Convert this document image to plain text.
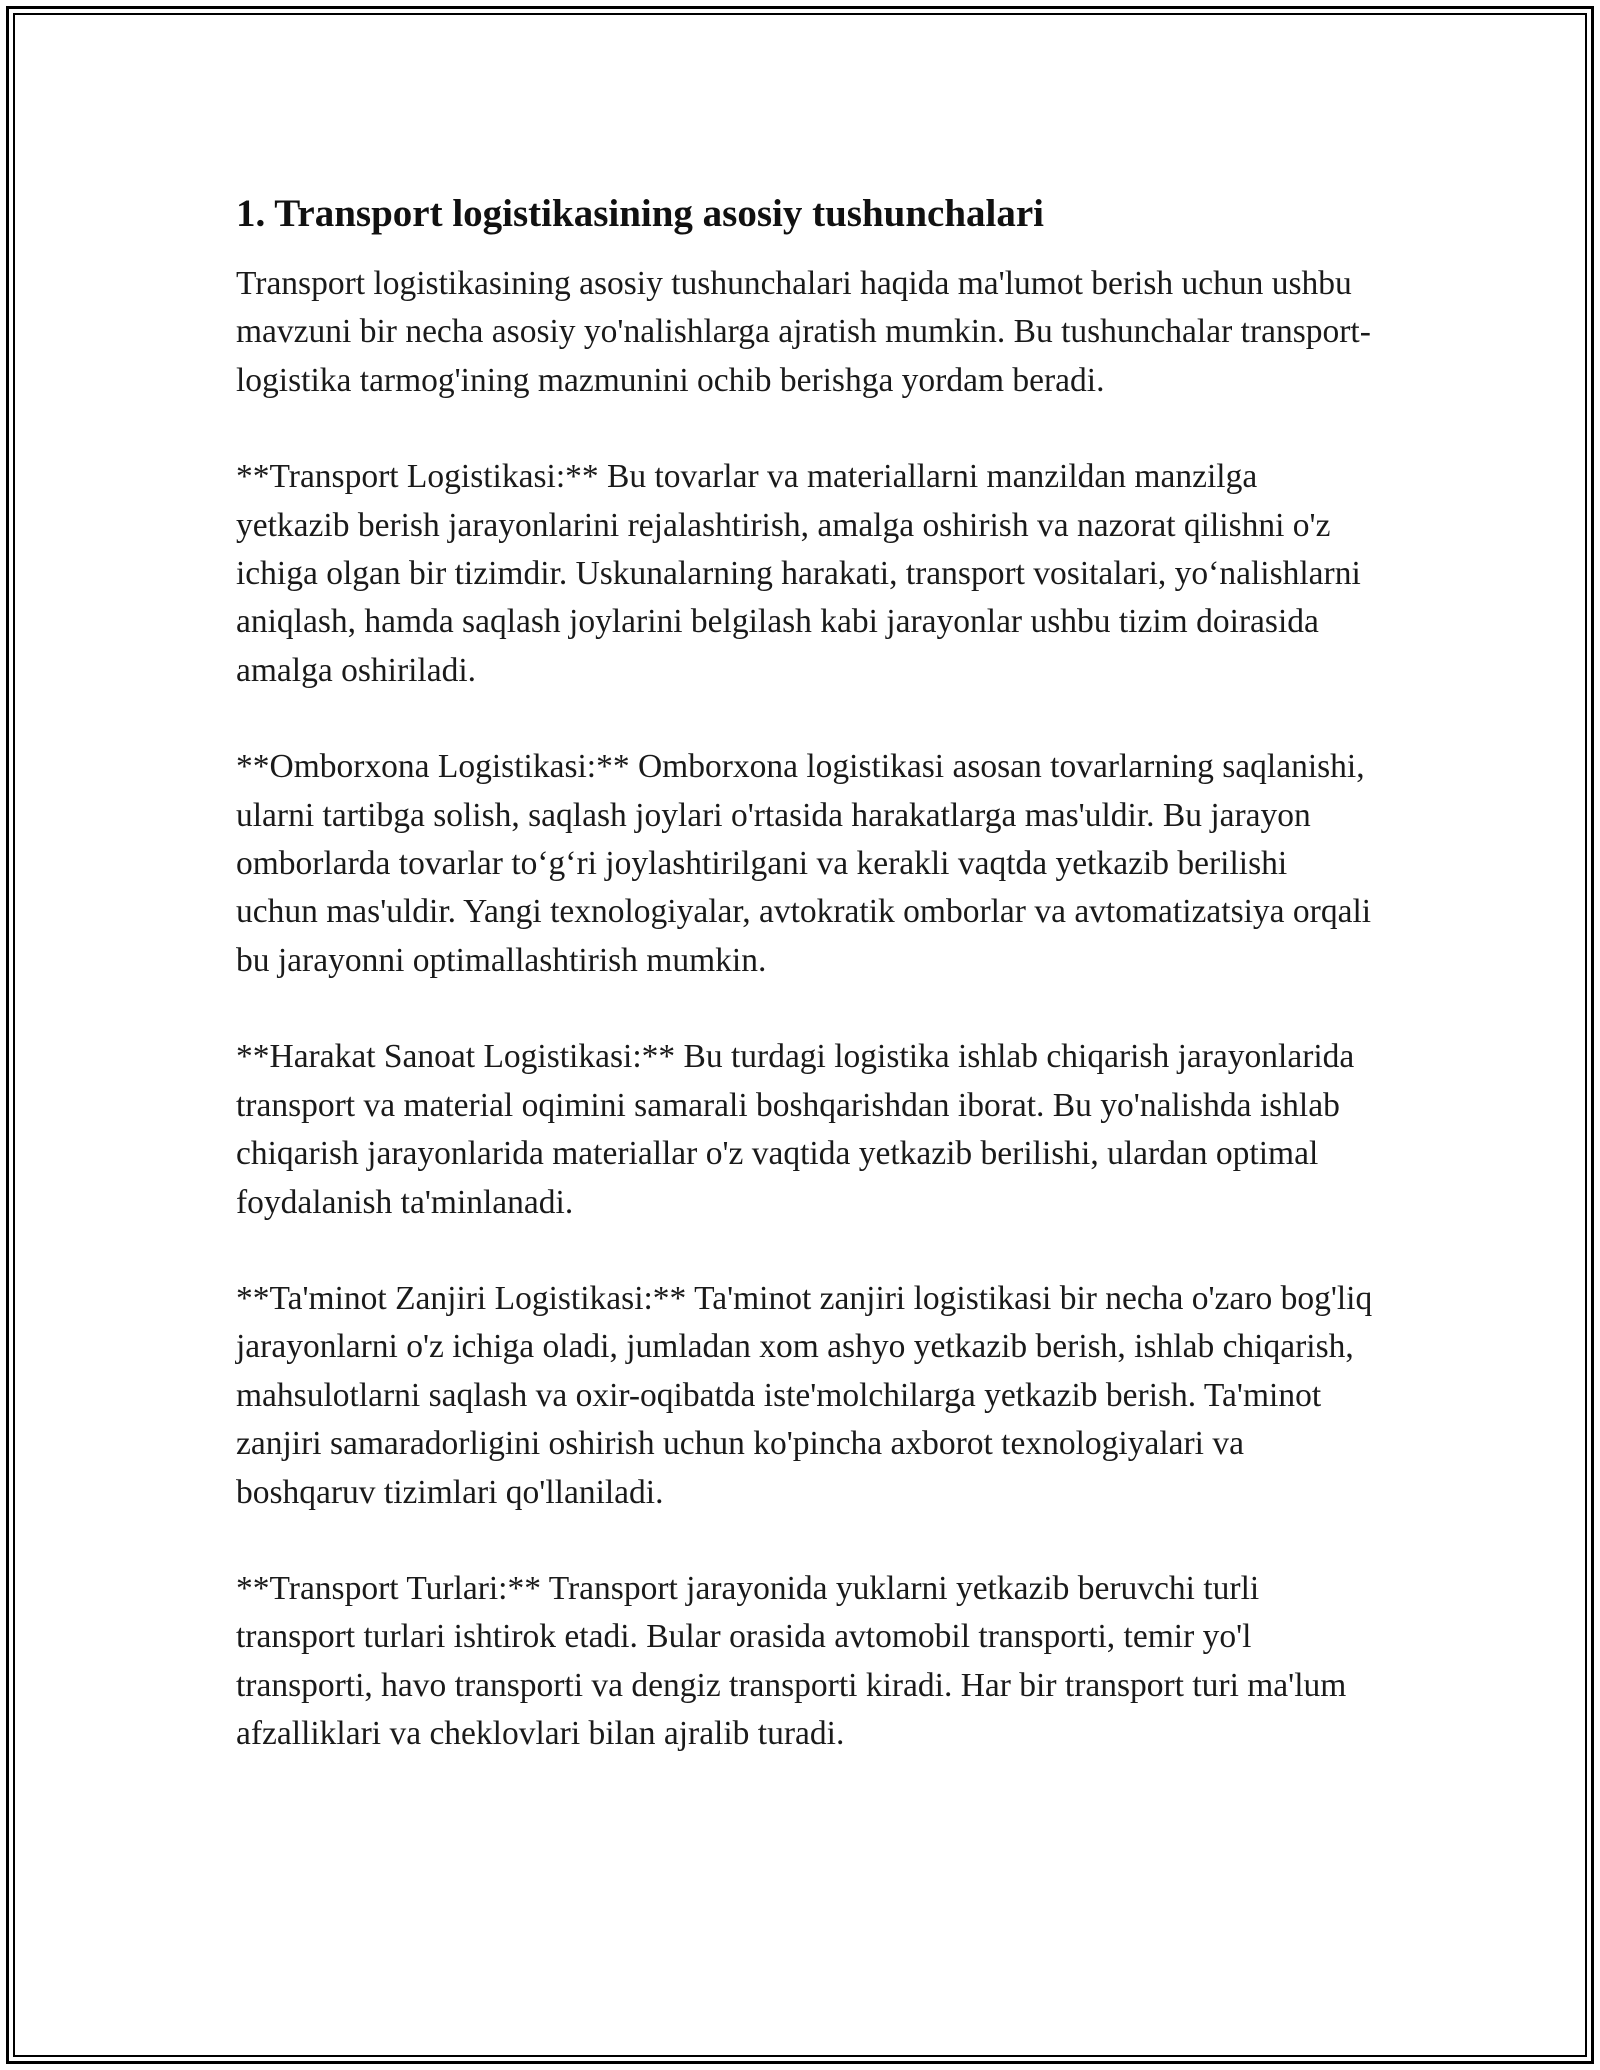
1. Transport logistikasining asosiy tushunchalari

Transport logistikasining asosiy tushunchalari haqida ma'lumot berish uchun ushbu mavzuni bir necha asosiy yo'nalishlarga ajratish mumkin. Bu tushunchalar transport-logistika tarmog'ining mazmunini ochib berishga yordam beradi.

**Transport Logistikasi:** Bu tovarlar va materiallarni manzildan manzilga yetkazib berish jarayonlarini rejalashtirish, amalga oshirish va nazorat qilishni o'z ichiga olgan bir tizimdir. Uskunalarning harakati, transport vositalari, yo‘nalishlarni aniqlash, hamda saqlash joylarini belgilash kabi jarayonlar ushbu tizim doirasida amalga oshiriladi.

**Omborxona Logistikasi:** Omborxona logistikasi asosan tovarlarning saqlanishi, ularni tartibga solish, saqlash joylari o'rtasida harakatlarga mas'uldir. Bu jarayon omborlarda tovarlar to‘g‘ri joylashtirilgani va kerakli vaqtda yetkazib berilishi uchun mas'uldir. Yangi texnologiyalar, avtokratik omborlar va avtomatizatsiya orqali bu jarayonni optimallashtirish mumkin.

**Harakat Sanoat Logistikasi:** Bu turdagi logistika ishlab chiqarish jarayonlarida transport va material oqimini samarali boshqarishdan iborat. Bu yo'nalishda ishlab chiqarish jarayonlarida materiallar o'z vaqtida yetkazib berilishi, ulardan optimal foydalanish ta'minlanadi.

**Ta'minot Zanjiri Logistikasi:** Ta'minot zanjiri logistikasi bir necha o'zaro bog'liq jarayonlarni o'z ichiga oladi, jumladan xom ashyo yetkazib berish, ishlab chiqarish, mahsulotlarni saqlash va oxir-oqibatda iste'molchilarga yetkazib berish. Ta'minot zanjiri samaradorligini oshirish uchun ko'pincha axborot texnologiyalari va boshqaruv tizimlari qo'llaniladi.

**Transport Turlari:** Transport jarayonida yuklarni yetkazib beruvchi turli transport turlari ishtirok etadi. Bular orasida avtomobil transporti, temir yo'l transporti, havo transporti va dengiz transporti kiradi. Har bir transport turi ma'lum afzalliklari va cheklovlari bilan ajralib turadi.
